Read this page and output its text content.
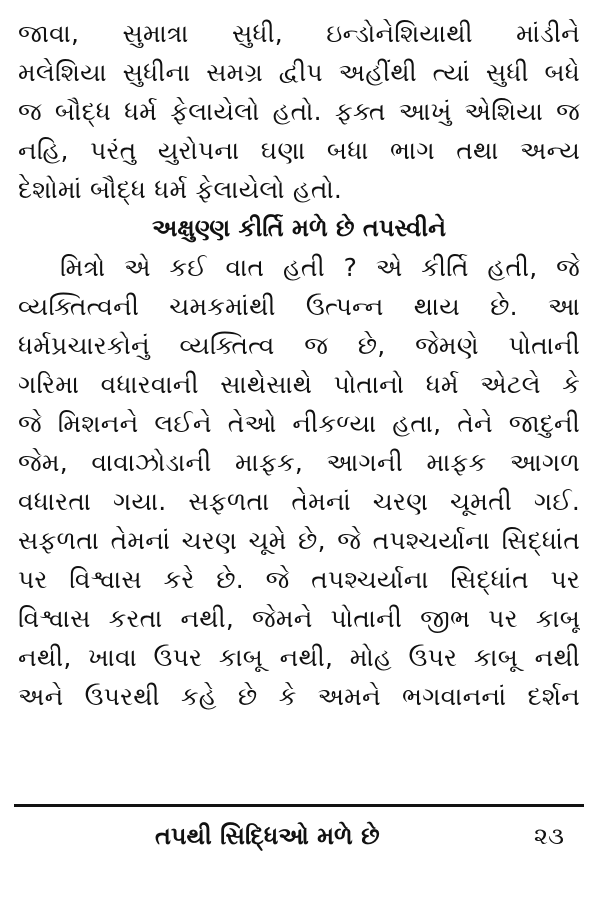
જાવા, સુમાત્રા સુધી, ઇન્ડોનેશિયાથી માંડીને
મલેશિયા સુધીના સમગ્ર દ્વીપ અહીંથી ત્યાં સુધી બધે
જ બૌદ્ધ ધર્મ ફેલાયેલો હતો. ફક્ત આખું એશિયા જ
નહિ, પરંતુ યુરોપના ઘણા બધા ભાગ તથા અન્ય
દેશોમાં બૌદ્ધ ધર્મ ફેલાયેલો હતો.
અક્ષુણ્ણ કીર્તિ મળે છે તપસ્વીને
મિત્રો એ કઈ વાત હતી ? એ કીર્તિ હતી, જે
વ્યક્તિત્વની ચમકમાંથી ઉત્પન્ન થાય છે. આ
ધર્મપ્રચારકોનું વ્યક્તિત્વ જ છે, જેમણે પોતાની
ગરિમા વધારવાની સાથેસાથે પોતાનો ધર્મ એટલે કે
જે મિશનને લઈને તેઓ નીકળ્યા હતા, તેને જાદુની
જેમ, વાવાઝોડાની માફક, આગની માફક આગળ
વધારતા ગયા. સફળતા તેમનાં ચરણ ચૂમતી ગઈ.
સફળતા તેમનાં ચરણ ચૂમે છે, જે તપશ્ચર્યાના સિદ્ધાંત
પર વિશ્વાસ કરે છે. જે તપશ્ચર્યાના સિદ્ધાંત પર
વિશ્વાસ કરતા નથી, જેમને પોતાની જીભ પર કાબૂ
નથી, ખાવા ઉપર કાબૂ નથી, મોહ ઉપર કાબૂ નથી
અને ઉપરથી કહે છે કે અમને ભગવાનનાં દર્શન
તપથી સિદ્ધિઓ મળે છે	૨૩
